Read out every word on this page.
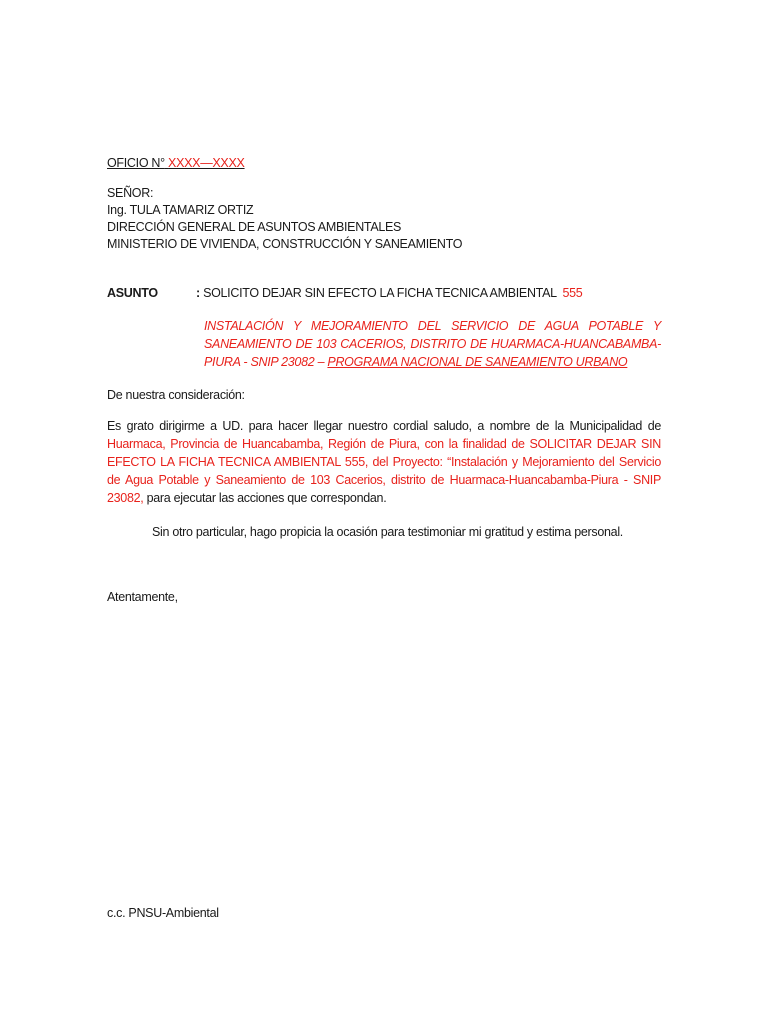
OFICIO N° XXXX—XXXX
SEÑOR:
Ing. TULA TAMARIZ ORTIZ
DIRECCIÓN GENERAL DE ASUNTOS AMBIENTALES
MINISTERIO DE VIVIENDA, CONSTRUCCIÓN Y SANEAMIENTO
ASUNTO	: SOLICITO DEJAR SIN EFECTO LA FICHA TECNICA AMBIENTAL 555
INSTALACIÓN Y MEJORAMIENTO DEL SERVICIO DE AGUA POTABLE Y SANEAMIENTO DE 103 CACERIOS, DISTRITO DE HUARMACA-HUANCABAMBA-PIURA - SNIP 23082 – PROGRAMA NACIONAL DE SANEAMIENTO URBANO
De nuestra consideración:
Es grato dirigirme a UD. para hacer llegar nuestro cordial saludo, a nombre de la Municipalidad de Huarmaca, Provincia de Huancabamba, Región de Piura, con la finalidad de SOLICITAR DEJAR SIN EFECTO LA FICHA TECNICA AMBIENTAL 555, del Proyecto: “Instalación y Mejoramiento del Servicio de Agua Potable y Saneamiento de 103 Cacerios, distrito de Huarmaca-Huancabamba-Piura - SNIP 23082, para ejecutar las acciones que correspondan.
Sin otro particular, hago propicia la ocasión para testimoniar mi gratitud y estima personal.
Atentamente,
c.c. PNSU-Ambiental
